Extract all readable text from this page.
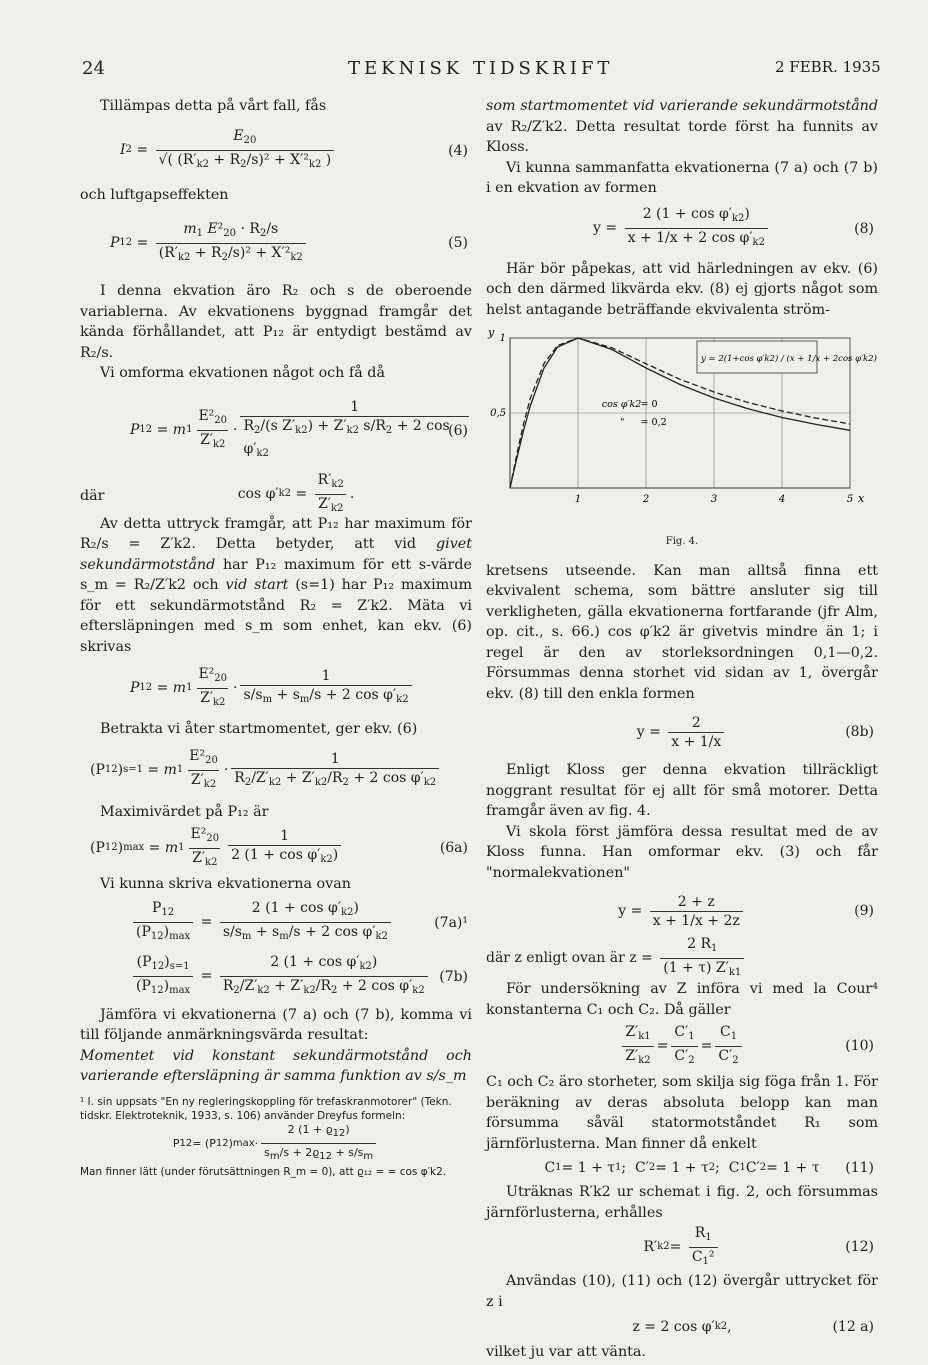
24	TEKNISK TIDSKRIFT	2 FEBR. 1935

Tillämpas detta på vårt fall, fås

I $2 = \frac{E_{20}}{√( (R'_{k2} + R_2/s)^2 + X'^2_{k2} )}$	(4)

och luftgapseffekten

P $12 = \frac{m_1 E^2_{20} \cdot R_2/s}{(R'_{k2} + R_2/s)^2 + X'^2_{k2}}$	(5)

I denna ekvation äro R₂ och s de oberoende variablerna. Av ekvationens byggnad framgår det kända förhållandet, att P₁₂ är entydigt bestämd av R₂/s.

Vi omforma ekvationen något och få då

P 12 = m $1 \frac{E^2_{20}}{Z'_{k2}} \cdot \frac{1}{R_2/(s Z'_{k2}) + Z'_{k2} s/R_2 + 2 \cos \varphi'_{k2}}$
(6)
där	cos φ′ $k2 = \frac{R'_{k2}}{Z'_{k2}}$ .

Av detta uttryck framgår, att P₁₂ har maximum för R₂/s = Z′k2. Detta betyder, att vid givet sekundärmotstånd har P₁₂ maximum för ett s-värde s_m = R₂/Z′k2 och vid start (s=1) har P₁₂ maximum för ett sekundärmotstånd R₂ = Z′k2. Mäta vi eftersläpningen med s_m som enhet, kan ekv. (6) skrivas

P 12 = m $1 \frac{E^2_{20}}{Z'_{k2}} \cdot \frac{1}{s/s_m + s_m/s + 2 \cos \varphi'_{k2}}$

Betrakta vi åter startmomentet, ger ekv. (6)

(P 12 ) s=1 = m $1 \frac{E^2_{20}}{Z'_{k2}} \cdot \frac{1}{R_2/Z'_{k2} + Z'_{k2}/R_2 + 2 \cos \varphi'_{k2}}$

Maximivärdet på P₁₂ är

(P 12 ) max = m $1 \frac{E^2_{20}}{Z'_{k2}} \frac{1}{2 (1 + \cos \varphi'_{k2})}$	(6a)

Vi kunna skriva ekvationerna ovan

$\frac{P_{12}}{(P_{12})_{max}} = \frac{2 (1 + \cos \varphi'_{k2})}{s/s_m + s_m/s + 2 \cos \varphi'_{k2}}$	(7a)¹
$\frac{(P_{12})_{s=1}}{(P_{12})_{max}} = \frac{2 (1 + \cos \varphi'_{k2})}{R_2/Z'_{k2} + Z'_{k2}/R_2 + 2 \cos \varphi'_{k2}} (7b)$

Jämföra vi ekvationerna (7 a) och (7 b), komma vi till följande anmärkningsvärda resultat:

Momentet vid konstant sekundärmotstånd och varierande eftersläpning är samma funktion av s/s_m

¹ I. sin uppsats "En ny regleringskoppling för trefaskranmotorer" (Tekn. tidskr. Elektroteknik, 1933, s. 106) använder Dreyfus formeln:

P 12 = (P 12 ) $\max \cdot \frac{2 (1 + ϱ12)}{sm/s + 2ϱ12 + s/sm}$

Man finner lätt (under förutsättningen R_m = 0), att ϱ₁₂ = = cos φ′k2.

som startmomentet vid varierande sekundärmotstånd av R₂/Z′k2. Detta resultat torde först ha funnits av Kloss.

Vi kunna sammanfatta ekvationerna (7 a) och (7 b) i en ekvation av formen

$y = \frac{2 (1 + \cos \varphi'_{k2})}{x + 1/x + 2 \cos \varphi'_{k2}}$	(8)

Här bör påpekas, att vid härledningen av ekv. (6) och den därmed likvärda ekv. (8) ej gjorts något som helst antagande beträffande ekvivalenta ström-

1	2	3	4	5
0,5
1
x
y
cos φ′k2 = 0
= 0,2
"
y = 2(1+cos φ′k2) / (x + 1/x + 2cos φ′k2)
Fig. 4.

kretsens utseende. Kan man alltså finna ett ekvivalent schema, som bättre ansluter sig till verkligheten, gälla ekvationerna fortfarande (jfr Alm, op. cit., s. 66.) cos φ′k2 är givetvis mindre än 1; i regel är den av storleksordningen 0,1—0,2. Försummas denna storhet vid sidan av 1, övergår ekv. (8) till den enkla formen

$y = \frac{2}{x + 1/x}$	(8b)

Enligt Kloss ger denna ekvation tillräckligt noggrant resultat för ej allt för små motorer. Detta framgår även av fig. 4.

Vi skola först jämföra dessa resultat med de av Kloss funna. Han omformar ekv. (3) och får "normalekvationen"

$y = \frac{2 + z}{x + 1/x + 2z}$	(9)
där z enligt ovan är $z = \frac{2 R_1}{(1 + \tau) Z'_{k1}}$

För undersökning av Z införa vi med la Cour⁴ konstanterna C₁ och C₂. Då gäller

$\frac{Z'_{k1}}{Z'_{k2}} = \frac{C'_1}{C'_2} = \frac{C_1}{C'_2}$	(10)

C₁ och C₂ äro storheter, som skilja sig föga från 1. För beräkning av deras absoluta belopp kan man försumma såväl statormotståndet R₁ som järnförlusterna. Man finner då enkelt

C 1 = 1 + τ 1 ;  C′ 2 = 1 + τ 2 ;  C 1 C′ 2 = 1 + τ	(11)

Uträknas R′k2 ur schemat i fig. 2, och försummas järnförlusterna, erhålles

R′ $k2 = \frac{R_1}{C_1^2}$	(12)

Användas (10), (11) och (12) övergår uttrycket för z i

z = 2 cos φ′ k2 ,	(12 a)

vilket ju var att vänta.
